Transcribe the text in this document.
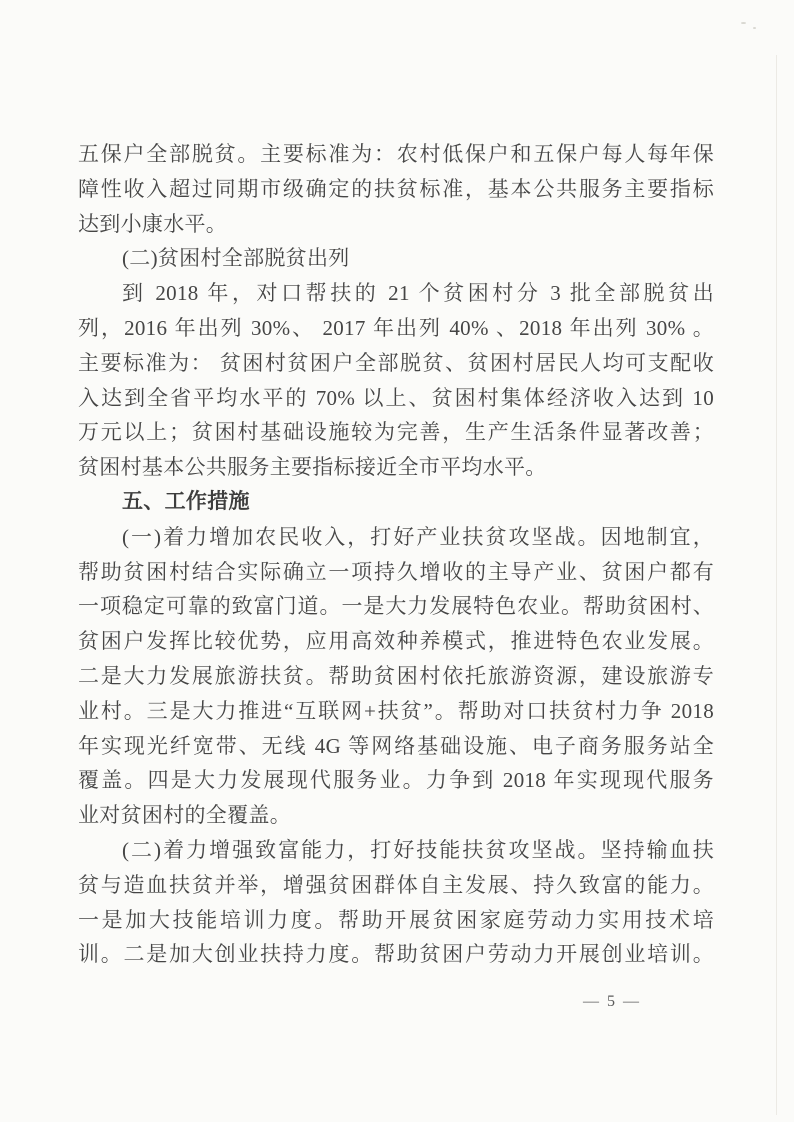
五保户全部脱贫。主要标准为：农村低保户和五保户每人每年保
障性收入超过同期市级确定的扶贫标准，基本公共服务主要指标
达到小康水平。
(二)贫困村全部脱贫出列
到 2018 年，对口帮扶的 21 个贫困村分 3 批全部脱贫出
列，2016 年出列 30%、 2017 年出列 40% 、2018 年出列 30% 。
主要标准为： 贫困村贫困户全部脱贫、贫困村居民人均可支配收
入达到全省平均水平的 70% 以上、贫困村集体经济收入达到 10
万元以上；贫困村基础设施较为完善，生产生活条件显著改善；
贫困村基本公共服务主要指标接近全市平均水平。
五、工作措施
(一)着力增加农民收入，打好产业扶贫攻坚战。因地制宜，
帮助贫困村结合实际确立一项持久增收的主导产业、贫困户都有
一项稳定可靠的致富门道。一是大力发展特色农业。帮助贫困村、
贫困户发挥比较优势，应用高效种养模式，推进特色农业发展。
二是大力发展旅游扶贫。帮助贫困村依托旅游资源，建设旅游专
业村。三是大力推进“互联网+扶贫”。帮助对口扶贫村力争 2018
年实现光纤宽带、无线 4G 等网络基础设施、电子商务服务站全
覆盖。四是大力发展现代服务业。力争到 2018 年实现现代服务
业对贫困村的全覆盖。
(二)着力增强致富能力，打好技能扶贫攻坚战。坚持输血扶
贫与造血扶贫并举，增强贫困群体自主发展、持久致富的能力。
一是加大技能培训力度。帮助开展贫困家庭劳动力实用技术培
训。二是加大创业扶持力度。帮助贫困户劳动力开展创业培训。
— 5 —
